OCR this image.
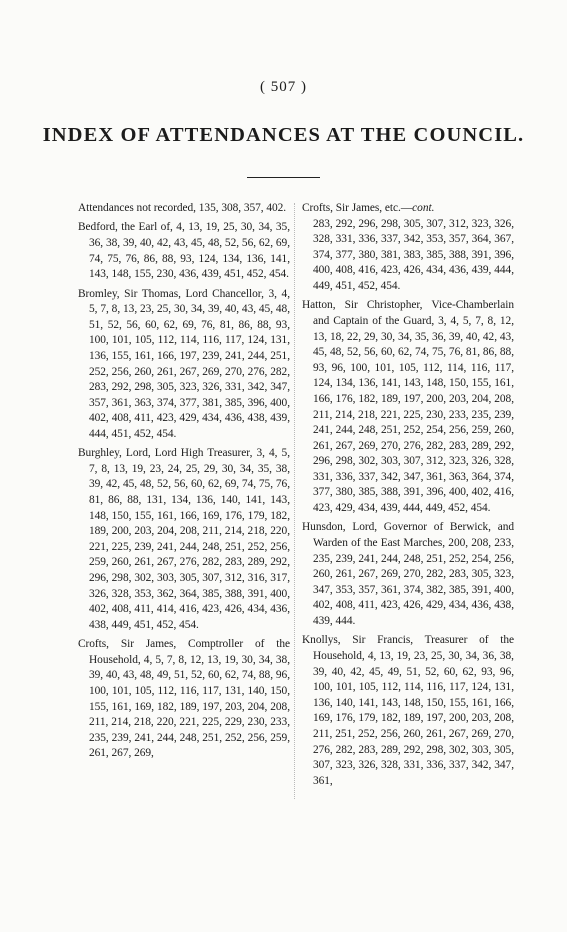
( 507 )
INDEX OF ATTENDANCES AT THE COUNCIL.

Attendances not recorded, 135, 308, 357, 402.

Bedford, the Earl of, 4, 13, 19, 25, 30, 34, 35, 36, 38, 39, 40, 42, 43, 45, 48, 52, 56, 62, 69, 74, 75, 76, 86, 88, 93, 124, 134, 136, 141, 143, 148, 155, 230, 436, 439, 451, 452, 454.

Bromley, Sir Thomas, Lord Chancellor, 3, 4, 5, 7, 8, 13, 23, 25, 30, 34, 39, 40, 43, 45, 48, 51, 52, 56, 60, 62, 69, 76, 81, 86, 88, 93, 100, 101, 105, 112, 114, 116, 117, 124, 131, 136, 155, 161, 166, 197, 239, 241, 244, 251, 252, 256, 260, 261, 267, 269, 270, 276, 282, 283, 292, 298, 305, 323, 326, 331, 342, 347, 357, 361, 363, 374, 377, 381, 385, 396, 400, 402, 408, 411, 423, 429, 434, 436, 438, 439, 444, 451, 452, 454.

Burghley, Lord, Lord High Treasurer, 3, 4, 5, 7, 8, 13, 19, 23, 24, 25, 29, 30, 34, 35, 38, 39, 42, 45, 48, 52, 56, 60, 62, 69, 74, 75, 76, 81, 86, 88, 131, 134, 136, 140, 141, 143, 148, 150, 155, 161, 166, 169, 176, 179, 182, 189, 200, 203, 204, 208, 211, 214, 218, 220, 221, 225, 239, 241, 244, 248, 251, 252, 256, 259, 260, 261, 267, 276, 282, 283, 289, 292, 296, 298, 302, 303, 305, 307, 312, 316, 317, 326, 328, 353, 362, 364, 385, 388, 391, 400, 402, 408, 411, 414, 416, 423, 426, 434, 436, 438, 449, 451, 452, 454.

Crofts, Sir James, Comptroller of the Household, 4, 5, 7, 8, 12, 13, 19, 30, 34, 38, 39, 40, 43, 48, 49, 51, 52, 60, 62, 74, 88, 96, 100, 101, 105, 112, 116, 117, 131, 140, 150, 155, 161, 169, 182, 189, 197, 203, 204, 208, 211, 214, 218, 220, 221, 225, 229, 230, 233, 235, 239, 241, 244, 248, 251, 252, 256, 259, 261, 267, 269,

Crofts, Sir James, etc.—cont.

283, 292, 296, 298, 305, 307, 312, 323, 326, 328, 331, 336, 337, 342, 353, 357, 364, 367, 374, 377, 380, 381, 383, 385, 388, 391, 396, 400, 408, 416, 423, 426, 434, 436, 439, 444, 449, 451, 452, 454.

Hatton, Sir Christopher, Vice-Chamberlain and Captain of the Guard, 3, 4, 5, 7, 8, 12, 13, 18, 22, 29, 30, 34, 35, 36, 39, 40, 42, 43, 45, 48, 52, 56, 60, 62, 74, 75, 76, 81, 86, 88, 93, 96, 100, 101, 105, 112, 114, 116, 117, 124, 134, 136, 141, 143, 148, 150, 155, 161, 166, 176, 182, 189, 197, 200, 203, 204, 208, 211, 214, 218, 221, 225, 230, 233, 235, 239, 241, 244, 248, 251, 252, 254, 256, 259, 260, 261, 267, 269, 270, 276, 282, 283, 289, 292, 296, 298, 302, 303, 307, 312, 323, 326, 328, 331, 336, 337, 342, 347, 361, 363, 364, 374, 377, 380, 385, 388, 391, 396, 400, 402, 416, 423, 429, 434, 439, 444, 449, 452, 454.

Hunsdon, Lord, Governor of Berwick, and Warden of the East Marches, 200, 208, 233, 235, 239, 241, 244, 248, 251, 252, 254, 256, 260, 261, 267, 269, 270, 282, 283, 305, 323, 347, 353, 357, 361, 374, 382, 385, 391, 400, 402, 408, 411, 423, 426, 429, 434, 436, 438, 439, 444.

Knollys, Sir Francis, Treasurer of the Household, 4, 13, 19, 23, 25, 30, 34, 36, 38, 39, 40, 42, 45, 49, 51, 52, 60, 62, 93, 96, 100, 101, 105, 112, 114, 116, 117, 124, 131, 136, 140, 141, 143, 148, 150, 155, 161, 166, 169, 176, 179, 182, 189, 197, 200, 203, 208, 211, 251, 252, 256, 260, 261, 267, 269, 270, 276, 282, 283, 289, 292, 298, 302, 303, 305, 307, 323, 326, 328, 331, 336, 337, 342, 347, 361,
